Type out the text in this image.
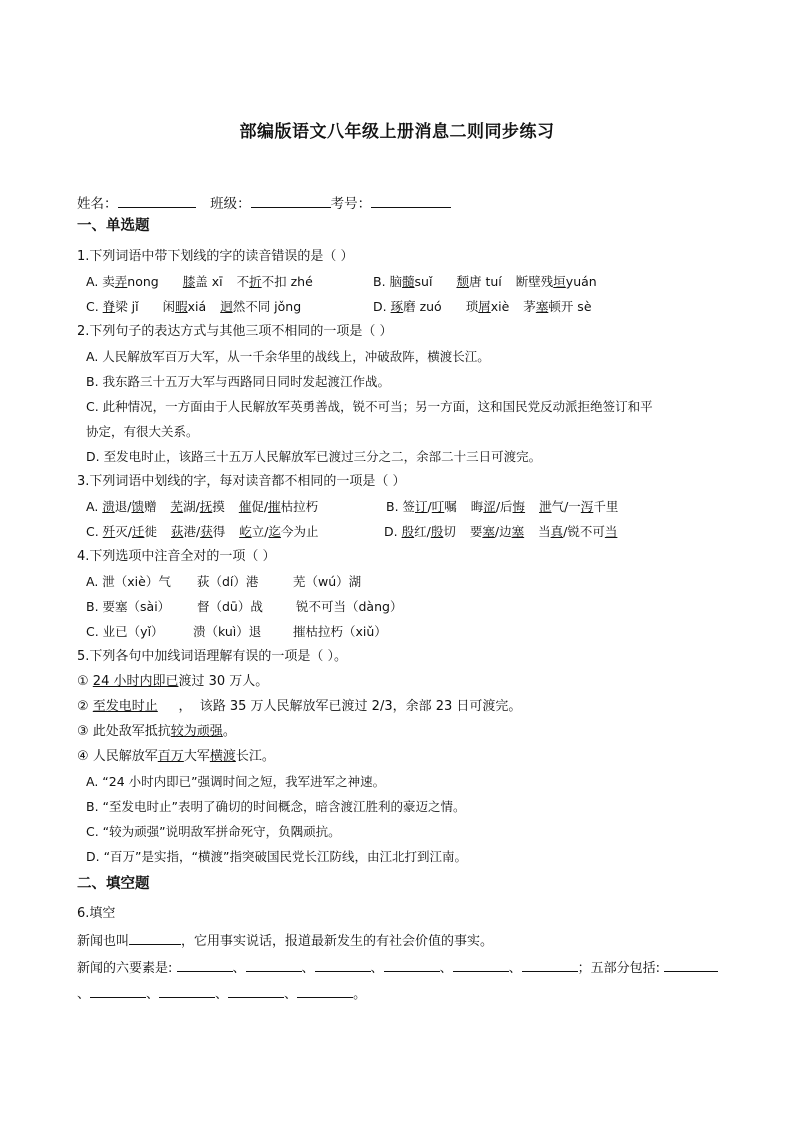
部编版语文八年级上册消息二则同步练习
姓名：	班级：	考号：
一、单选题
1.下列词语中带下划线的字的读音错误的是（ ）
A. 卖弄nong 膝盖 xī 不折不扣 zhé	B. 脑髓suǐ 颓唐 tuí 断壁残垣yuán
C. 脊梁 jǐ 闲暇xiá 迥然不同 jǒng	D. 琢磨 zuó 琐屑xiè 茅塞顿开 sè
2.下列句子的表达方式与其他三项不相同的一项是（ ）
A. 人民解放军百万大军，从一千余华里的战线上，冲破敌阵，横渡长江。
B. 我东路三十五万大军与西路同日同时发起渡江作战。
C. 此种情况，一方面由于人民解放军英勇善战，锐不可当；另一方面，这和国民党反动派拒绝签订和平
协定，有很大关系。
D. 至发电时止，该路三十五万人民解放军已渡过三分之二，余部二十三日可渡完。
3.下列词语中划线的字，每对读音都不相同的一项是（ ）
A. 溃退/馈赠 芜湖/抚摸 催促/摧枯拉朽	B. 签订/叮嘱 晦涩/后悔 泄气/一泻千里
C. 歼灭/迁徙 荻港/获得 屹立/迄今为止	D. 殷红/殷切 要塞/边塞 当真/锐不可当
4.下列选项中注音全对的一项（ ）
A. 泄（xiè）气 荻（dí）港	芜（wú）湖
B. 要塞（sài） 督（dū）战	锐不可当（dàng）
C. 业已（yǐ） 溃（kuì）退	摧枯拉朽（xiǔ）
5.下列各句中加线词语理解有误的一项是（ ）。
① 24 小时内即已渡过 30 万人。
② 至发电时止     ，  该路 35 万人民解放军已渡过 2/3，余部 23 日可渡完。
③ 此处敌军抵抗较为顽强。
④ 人民解放军百万大军横渡长江。
A. “24 小时内即已”强调时间之短，我军进军之神速。
B. “至发电时止”表明了确切的时间概念，暗含渡江胜利的豪迈之情。
C. “较为顽强”说明敌军拼命死守，负隅顽抗。
D. “百万”是实指，“横渡”指突破国民党长江防线，由江北打到江南。
二、填空题
6.填空
新闻也叫	，它用事实说话，报道最新发生的有社会价值的事实。
新闻的六要素是:	、	、	、	、	、	；五部分包括:
、	、	、	、	。
